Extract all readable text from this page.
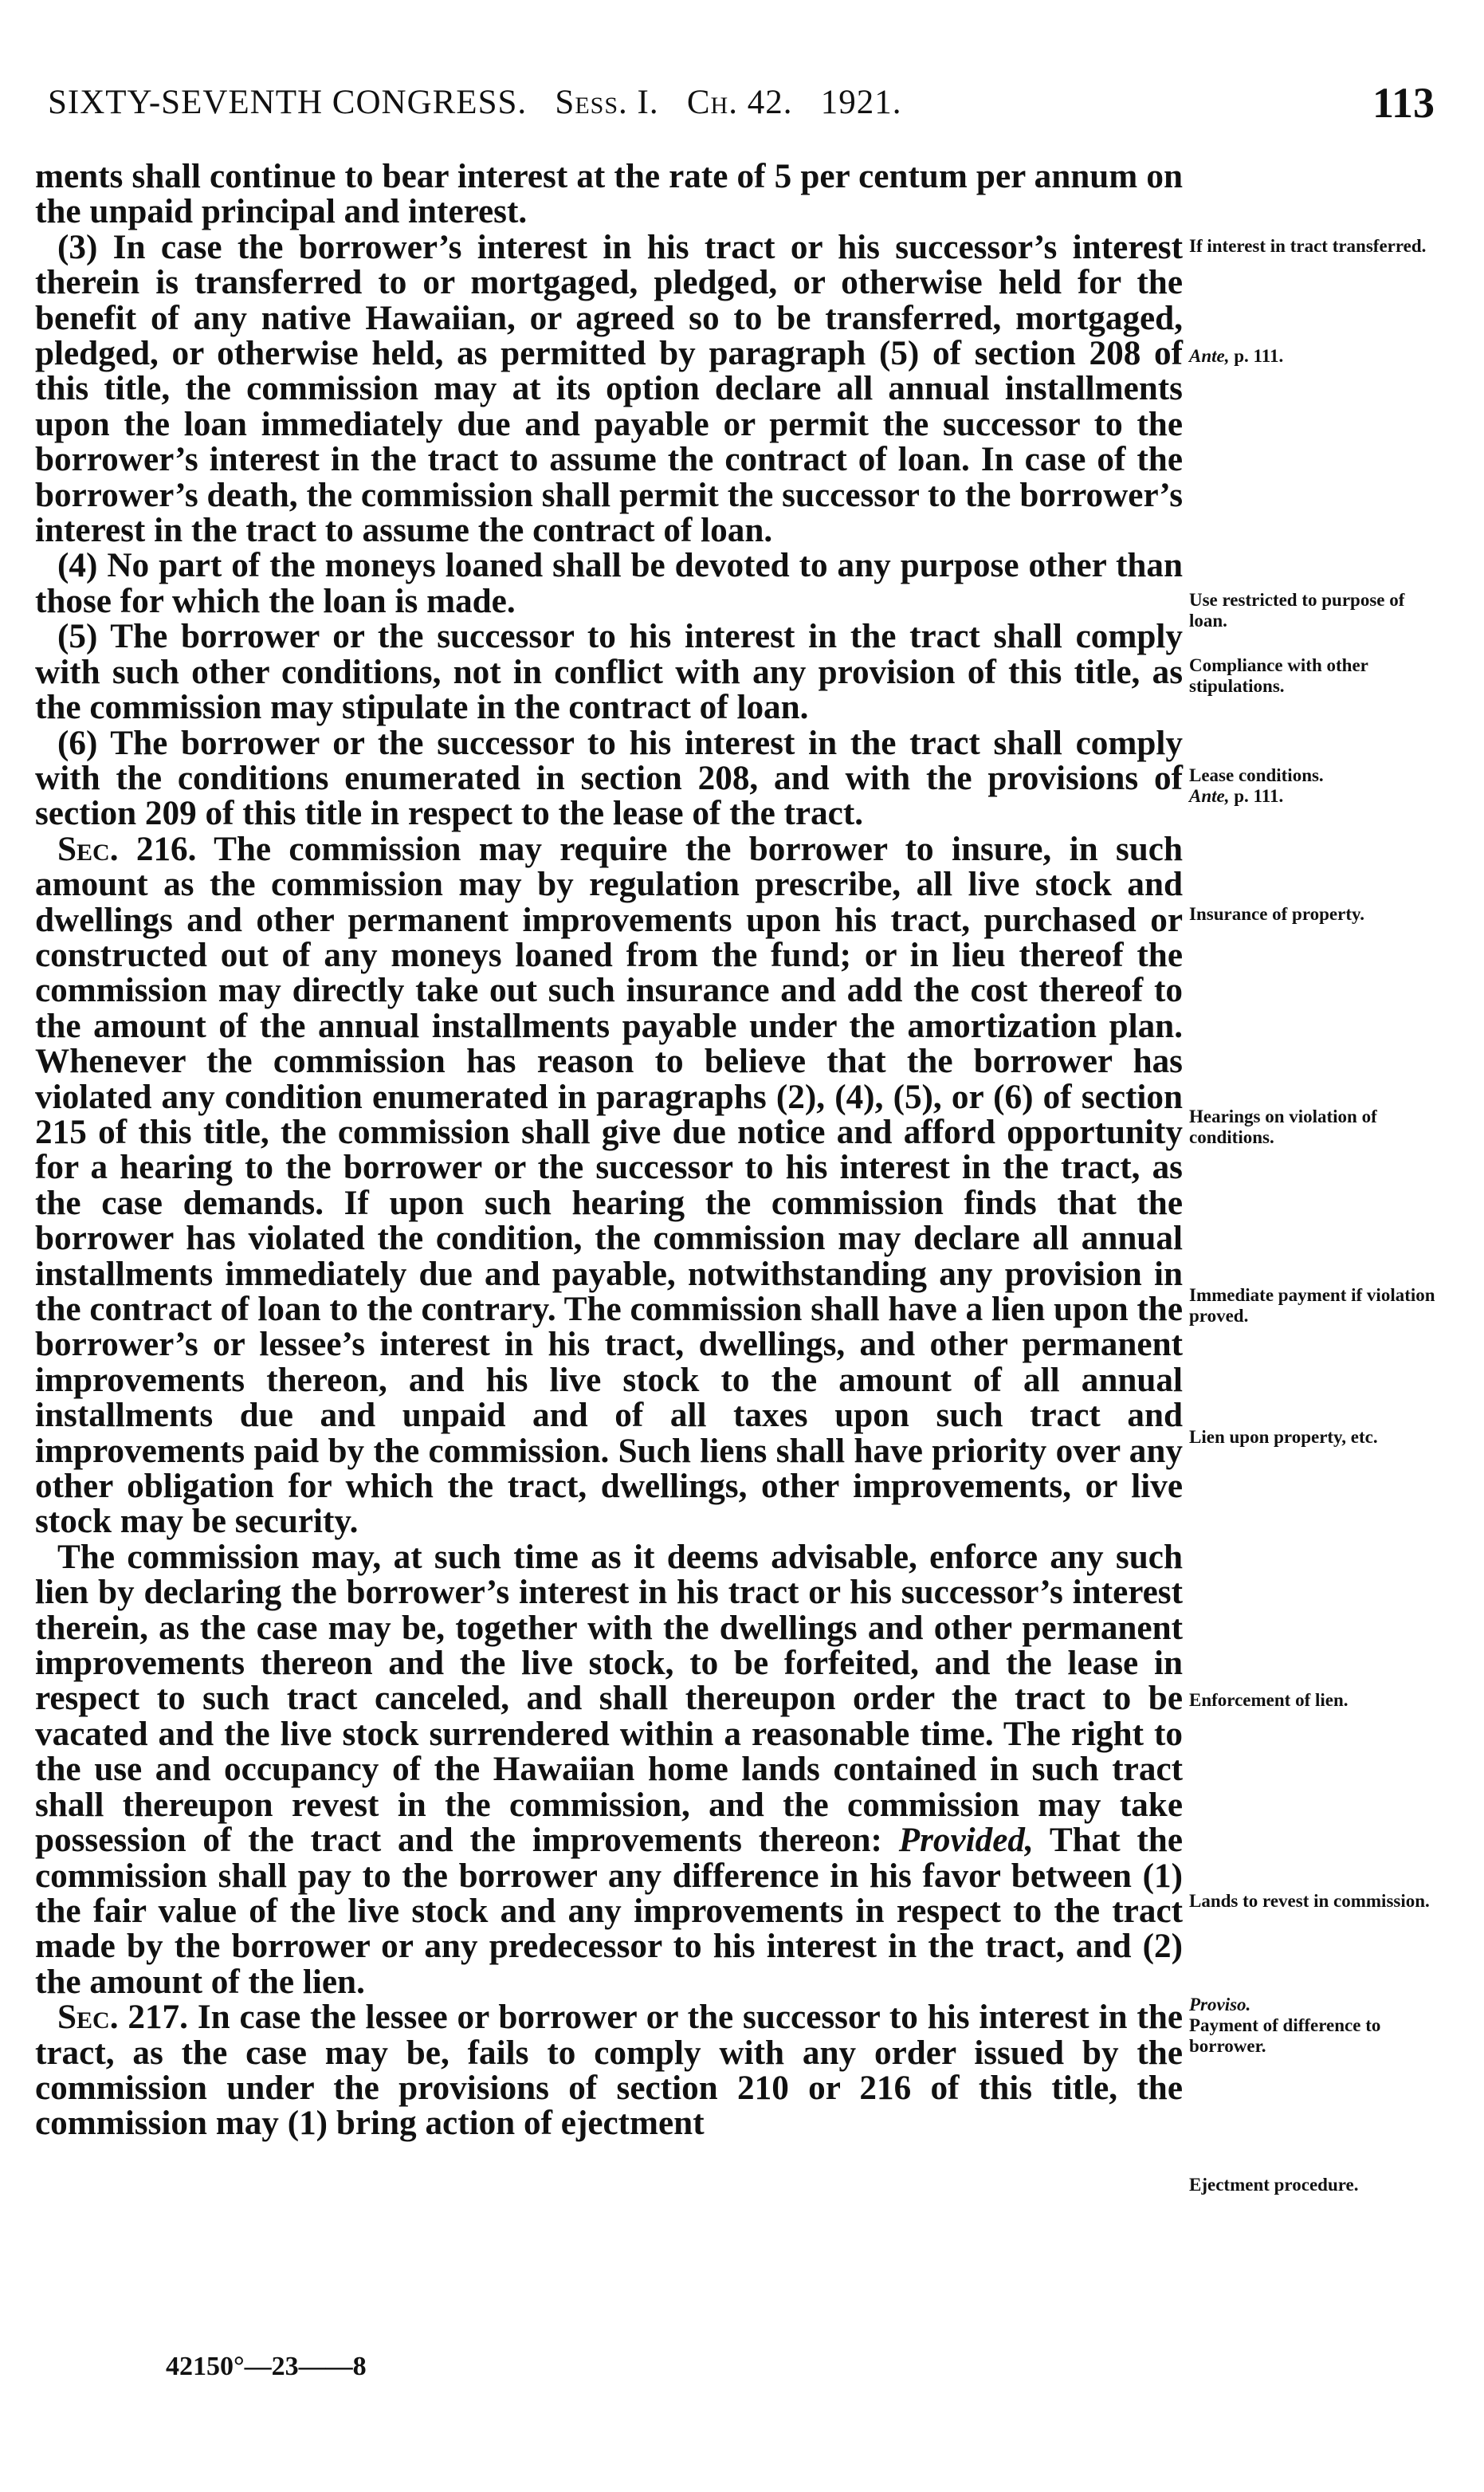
SIXTY-SEVENTH CONGRESS. Sess. I. Ch. 42. 1921.	113

ments shall continue to bear interest at the rate of 5 per centum per annum on the unpaid principal and interest.

(3) In case the borrower’s interest in his tract or his successor’s interest therein is transferred to or mortgaged, pledged, or otherwise held for the benefit of any native Hawaiian, or agreed so to be transferred, mortgaged, pledged, or otherwise held, as permitted by paragraph (5) of section 208 of this title, the commission may at its option declare all annual installments upon the loan immediately due and payable or permit the successor to the borrower’s interest in the tract to assume the contract of loan. In case of the borrower’s death, the commission shall permit the successor to the borrower’s interest in the tract to assume the contract of loan.

(4) No part of the moneys loaned shall be devoted to any purpose other than those for which the loan is made.

(5) The borrower or the successor to his interest in the tract shall comply with such other conditions, not in conflict with any provision of this title, as the commission may stipulate in the contract of loan.

(6) The borrower or the successor to his interest in the tract shall comply with the conditions enumerated in section 208, and with the provisions of section 209 of this title in respect to the lease of the tract.

Sec. 216. The commission may require the borrower to insure, in such amount as the commission may by regulation prescribe, all live stock and dwellings and other permanent improvements upon his tract, purchased or constructed out of any moneys loaned from the fund; or in lieu thereof the commission may directly take out such insurance and add the cost thereof to the amount of the annual installments payable under the amortization plan. Whenever the commission has reason to believe that the borrower has violated any condition enumerated in paragraphs (2), (4), (5), or (6) of section 215 of this title, the commission shall give due notice and afford opportunity for a hearing to the borrower or the successor to his interest in the tract, as the case demands. If upon such hearing the commission finds that the borrower has violated the condition, the commission may declare all annual installments immediately due and payable, notwithstanding any provision in the contract of loan to the contrary. The commission shall have a lien upon the borrower’s or lessee’s interest in his tract, dwellings, and other permanent improvements thereon, and his live stock to the amount of all annual installments due and unpaid and of all taxes upon such tract and improvements paid by the commission. Such liens shall have priority over any other obligation for which the tract, dwellings, other improvements, or live stock may be security.

The commission may, at such time as it deems advisable, enforce any such lien by declaring the borrower’s interest in his tract or his successor’s interest therein, as the case may be, together with the dwellings and other permanent improvements thereon and the live stock, to be forfeited, and the lease in respect to such tract canceled, and shall thereupon order the tract to be vacated and the live stock surrendered within a reasonable time. The right to the use and occupancy of the Hawaiian home lands contained in such tract shall thereupon revest in the commission, and the commission may take possession of the tract and the improvements thereon: Provided, That the commission shall pay to the borrower any difference in his favor between (1) the fair value of the live stock and any improvements in respect to the tract made by the borrower or any predecessor to his interest in the tract, and (2) the amount of the lien.

Sec. 217. In case the lessee or borrower or the successor to his interest in the tract, as the case may be, fails to comply with any order issued by the commission under the provisions of section 210 or 216 of this title, the commission may (1) bring action of ejectment

If interest in tract transferred.
Ante, p. 111.
Use restricted to purpose of loan.
Compliance with other stipulations.
Lease conditions.
Ante, p. 111.
Insurance of property.
Hearings on violation of conditions.
Immediate payment if violation proved.
Lien upon property, etc.
Enforcement of lien.
Lands to revest in commission.
Proviso.
Payment of difference to borrower.
Ejectment procedure.
42150°—23——8
